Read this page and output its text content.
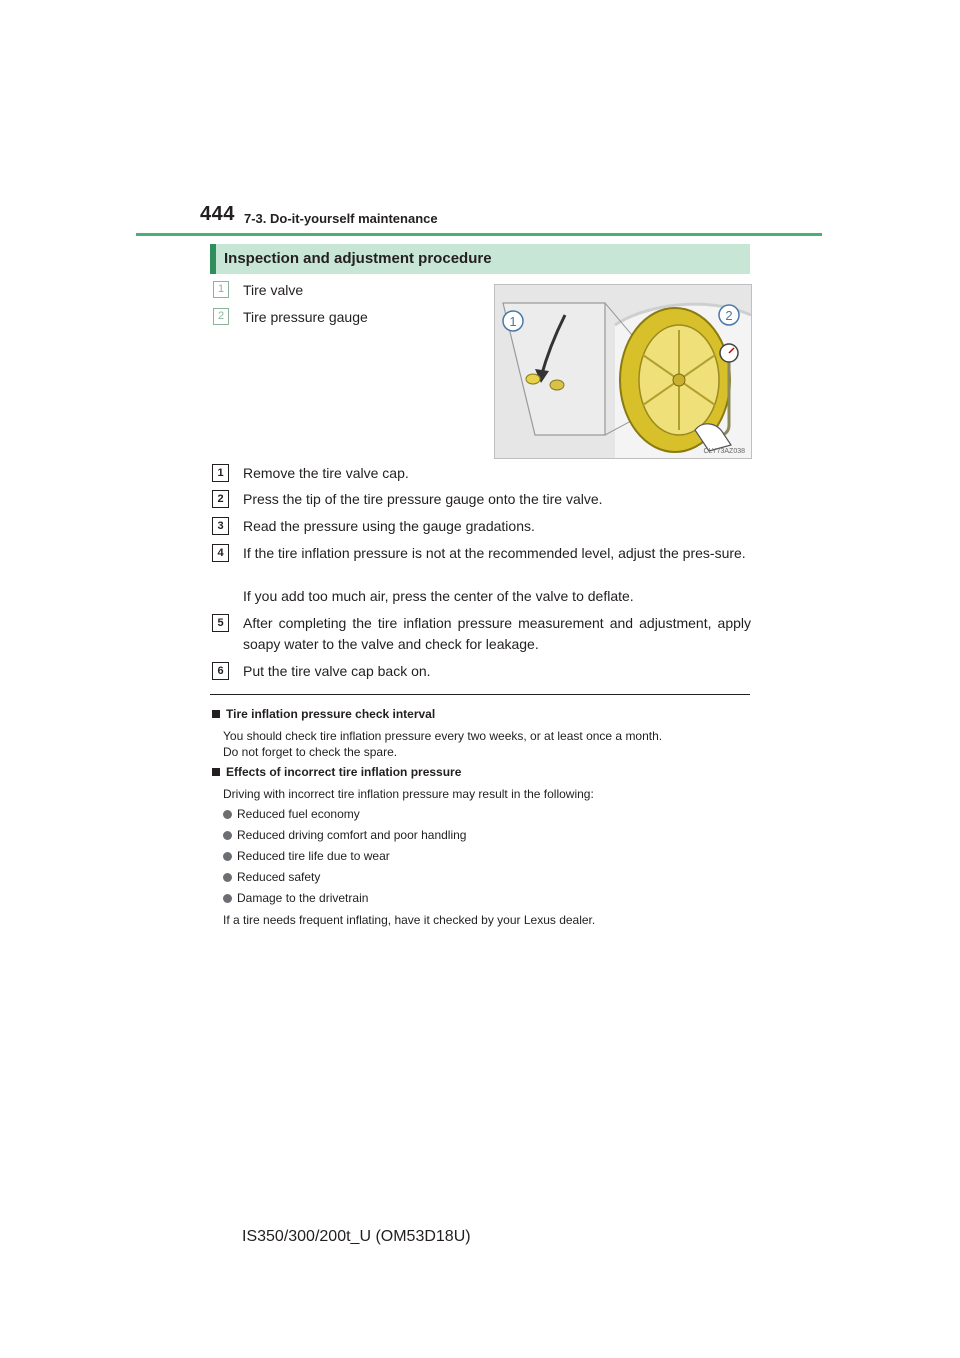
444 7-3. Do-it-yourself maintenance
Inspection and adjustment procedure
1	Tire valve
2	Tire pressure gauge	1	2
CLY73AZ038
1	Remove the tire valve cap.
2	Press the tip of the tire pressure gauge onto the tire valve.
3	Read the pressure using the gauge gradations.
4	If the tire inflation pressure is not at the recommended level, adjust the pres-sure.
If you add too much air, press the center of the valve to deflate.
5	After completing the tire inflation pressure measurement and adjustment, apply soapy water to the valve and check for leakage.
6	Put the tire valve cap back on.
Tire inflation pressure check interval
You should check tire inflation pressure every two weeks, or at least once a month.
Do not forget to check the spare.
Effects of incorrect tire inflation pressure
Driving with incorrect tire inflation pressure may result in the following:
Reduced fuel economy
Reduced driving comfort and poor handling
Reduced tire life due to wear
Reduced safety
Damage to the drivetrain
If a tire needs frequent inflating, have it checked by your Lexus dealer.
IS350/300/200t_U (OM53D18U)
